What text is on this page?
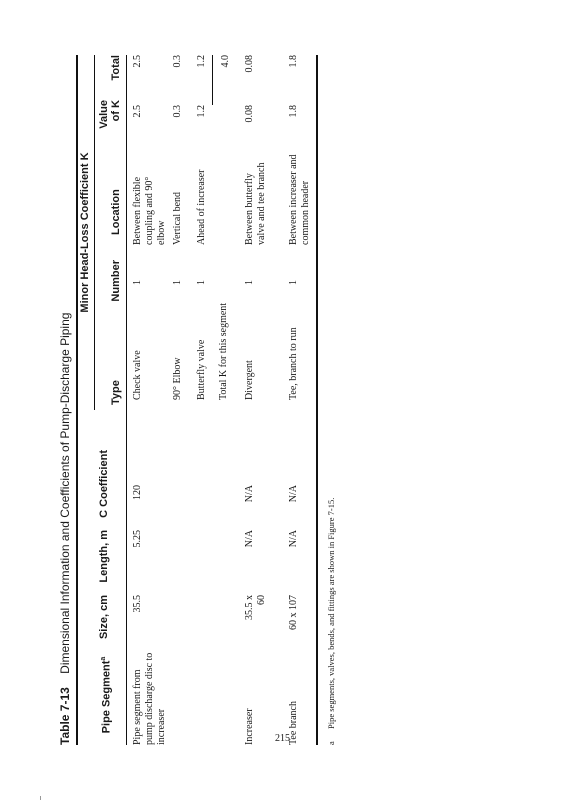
Table 7-13 Dimensional Information and Coefficients of Pump-Discharge Piping
Minor Head-Loss Coefficient K
Pipe Segment$^a$
Size, cm
Length, m
C Coefficient
Type
Number
Location
Value of K
Total
Pipe segment from pump discharge disc to increaser
35.5
5.25
120
Check valve
1
Between flexible coupling and 90° elbow
2.5
2.5
90° Elbow
1
Vertical bend
0.3
0.3
Butterfly valve
1
Ahead of increaser
1.2
1.2
Total K for this segment
4.0
Increaser
35.5 x 60
N/A
N/A
Divergent
1
Between butterfly valve and tee branch
0.08
0.08
Tee branch
60 x 107
N/A
N/A
Tee, branch to run
1
Between increaser and common header
1.8
1.8
aPipe segments, valves, bends, and fittings are shown in Figure 7-15.
215
